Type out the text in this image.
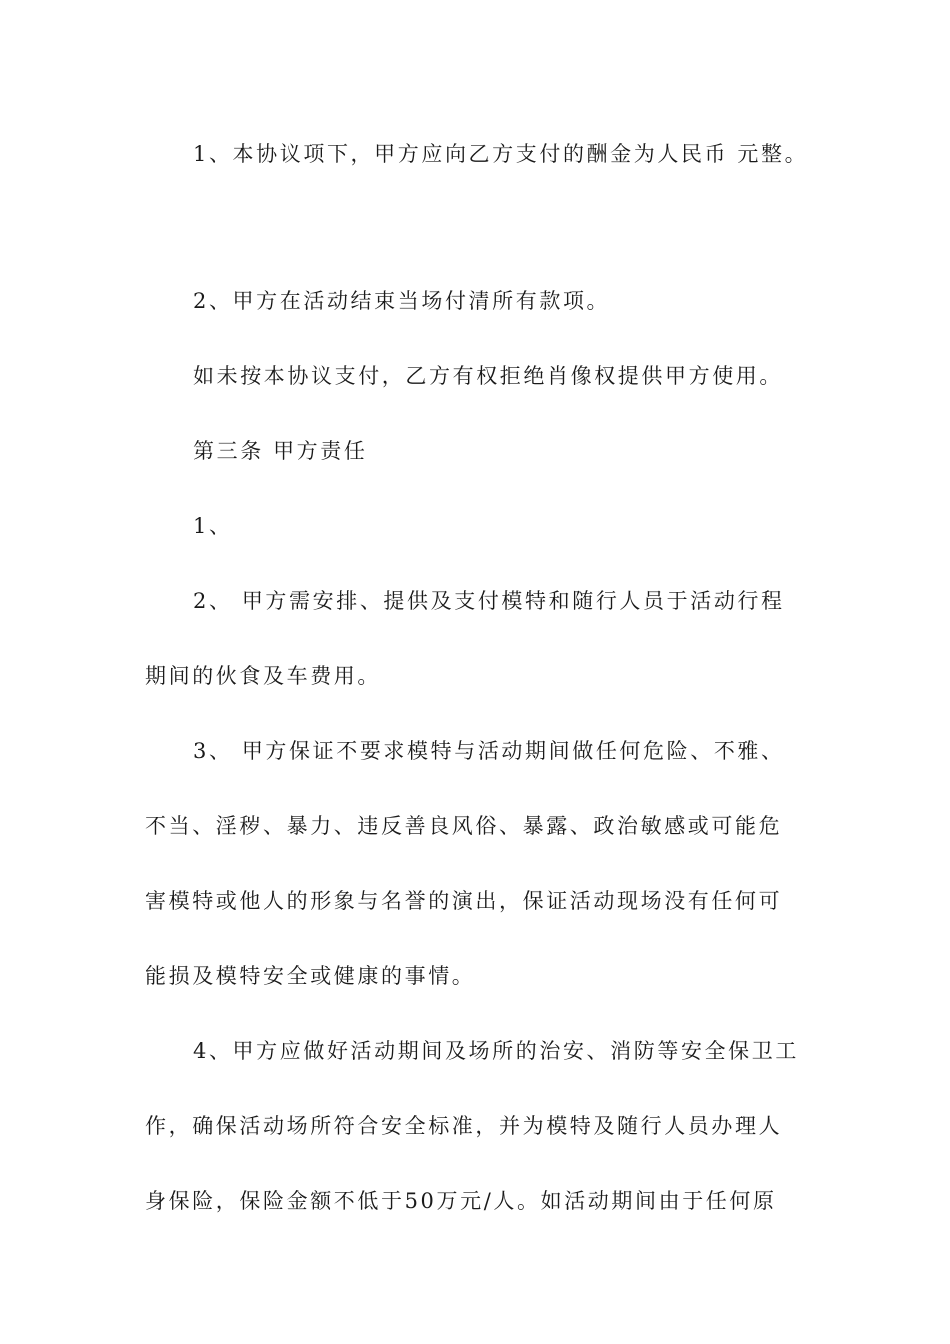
1、本协议项下，甲方应向乙方支付的酬金为人民币 元整。
2、甲方在活动结束当场付清所有款项。
如未按本协议支付，乙方有权拒绝肖像权提供甲方使用。
第三条 甲方责任
1、
2、 甲方需安排、提供及支付模特和随行人员于活动行程
期间的伙食及车费用。
3、 甲方保证不要求模特与活动期间做任何危险、不雅、
不当、淫秽、暴力、违反善良风俗、暴露、政治敏感或可能危
害模特或他人的形象与名誉的演出，保证活动现场没有任何可
能损及模特安全或健康的事情。
4、甲方应做好活动期间及场所的治安、消防等安全保卫工
作，确保活动场所符合安全标准，并为模特及随行人员办理人
身保险，保险金额不低于50万元/人。如活动期间由于任何原
